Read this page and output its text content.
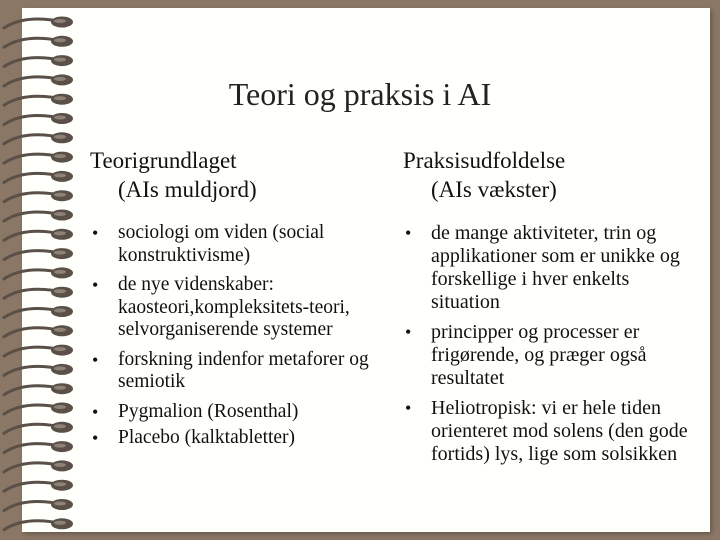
Teori og praksis i AI

Teorigrundlaget
(AIs muldjord)

• sociologi om viden (social konstruktivisme)
• de nye videnskaber: kaosteori,kompleksitets-teori, selvorganiserende systemer
• forskning indenfor metaforer og semiotik
• Pygmalion (Rosenthal)
• Placebo (kalktabletter)

Praksisudfoldelse
(AIs vækster)

• de mange aktiviteter, trin og applikationer som er unikke og forskellige i hver enkelts situation
• principper og processer er frigørende, og præger også resultatet
• Heliotropisk: vi er hele tiden orienteret mod solens (den gode fortids) lys, lige som solsikken
